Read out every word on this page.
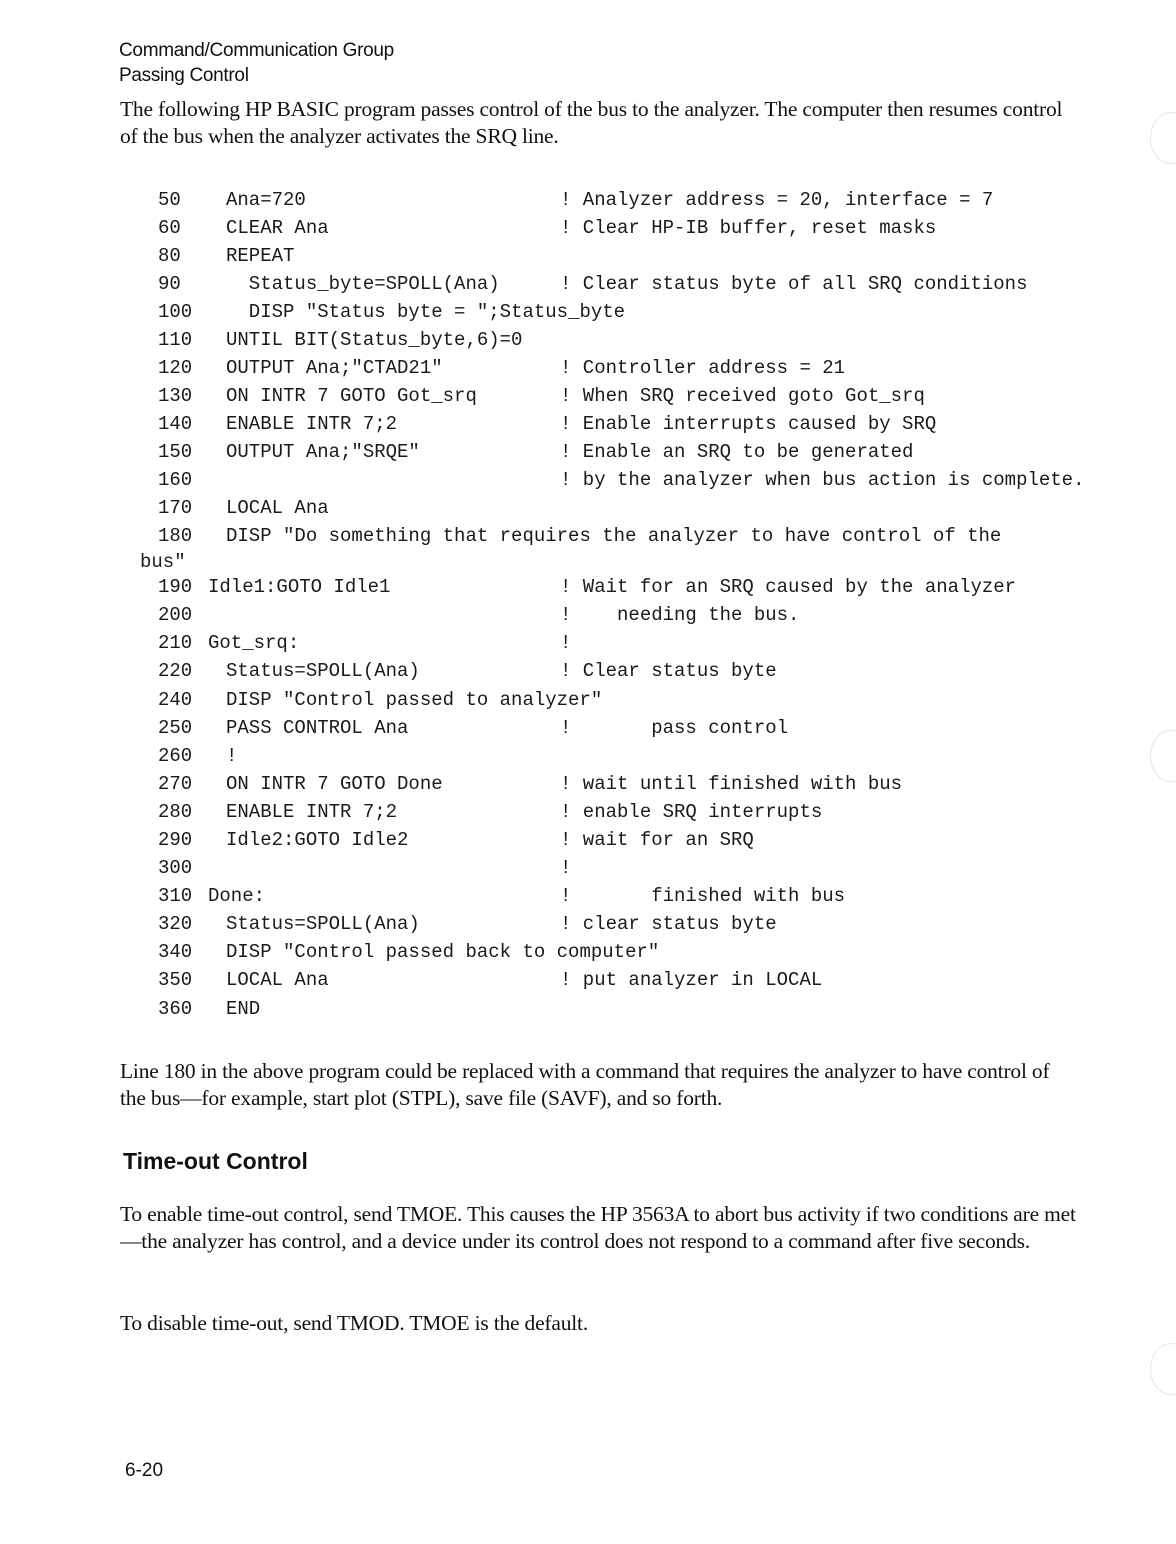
Command/Communication Group
Passing Control
The following HP BASIC program passes control of the bus to the analyzer. The computer then resumes control of the bus when the analyzer activates the SRQ line.
50 Ana=720	! Analyzer address = 20, interface = 7
60 CLEAR Ana	! Clear HP-IB buffer, reset masks
80 REPEAT
90 Status_byte=SPOLL(Ana)	! Clear status byte of all SRQ conditions
100 DISP "Status byte = ";Status_byte
110 UNTIL BIT(Status_byte,6)=0
120 OUTPUT Ana;"CTAD21"	! Controller address = 21
130 ON INTR 7 GOTO Got_srq	! When SRQ received goto Got_srq
140 ENABLE INTR 7;2	! Enable interrupts caused by SRQ
150 OUTPUT Ana;"SRQE"	! Enable an SRQ to be generated
160	! by the analyzer when bus action is complete.
170 LOCAL Ana
180 DISP "Do something that requires the analyzer to have control of the
190 Idle1:GOTO Idle1	! Wait for an SRQ caused by the analyzer
200	!    needing the bus.
210 Got_srq:	!
220 Status=SPOLL(Ana)	! Clear status byte
240 DISP "Control passed to analyzer"
250 PASS CONTROL Ana	!       pass control
260 !
270 ON INTR 7 GOTO Done	! wait until finished with bus
280 ENABLE INTR 7;2	! enable SRQ interrupts
290 Idle2:GOTO Idle2	! wait for an SRQ
300	!
310 Done:	!       finished with bus
320 Status=SPOLL(Ana)	! clear status byte
340 DISP "Control passed back to computer"
350 LOCAL Ana	! put analyzer in LOCAL
360 END
bus"
Line 180 in the above program could be replaced with a command that requires the analyzer to have control of the bus—for example, start plot (STPL), save file (SAVF), and so forth.
Time-out Control
To enable time-out control, send TMOE. This causes the HP 3563A to abort bus activity if two conditions are met—the analyzer has control, and a device under its control does not respond to a command after five seconds.
To disable time-out, send TMOD. TMOE is the default.
6-20
